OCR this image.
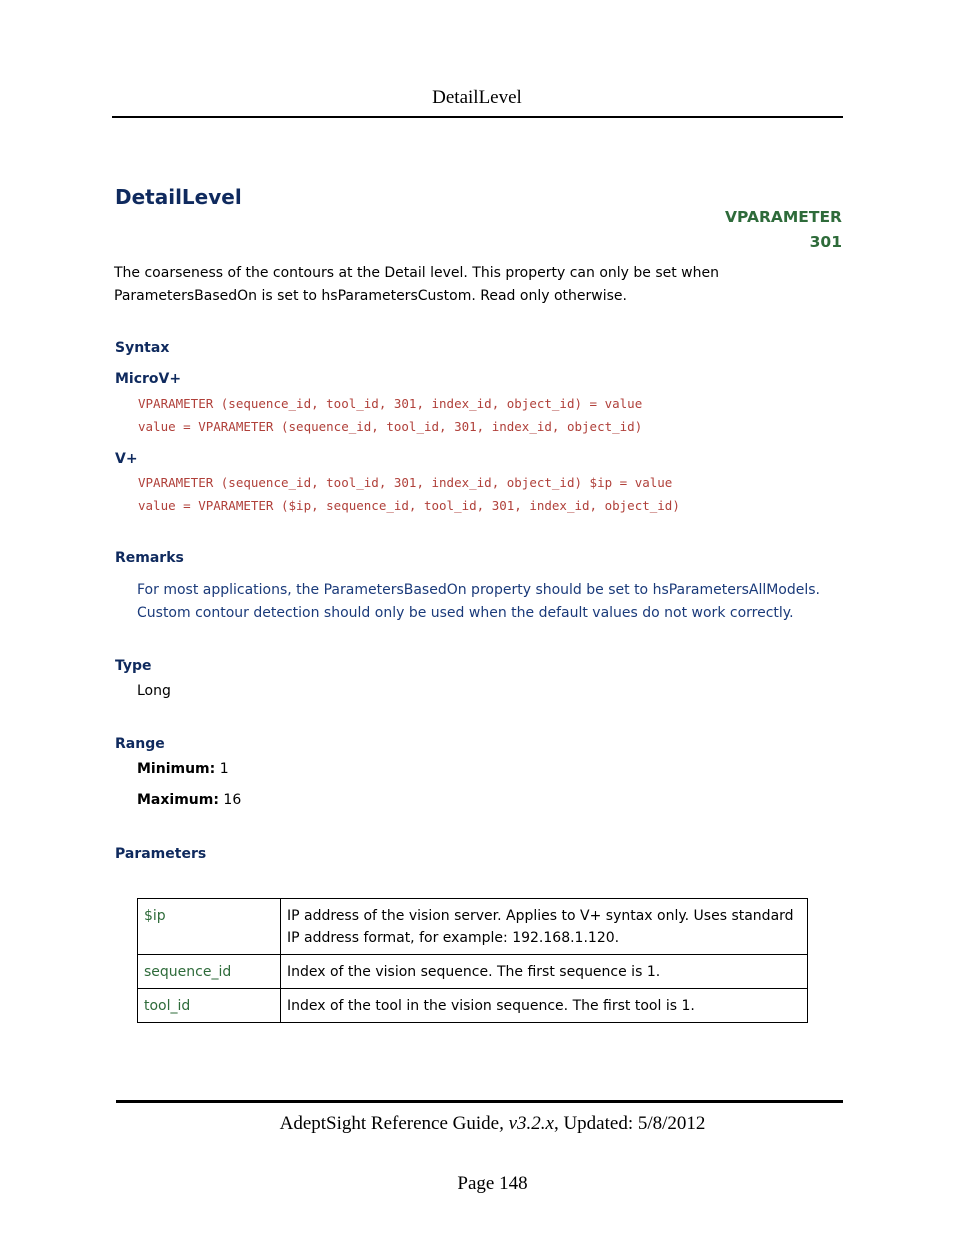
DetailLevel
DetailLevel
VPARAMETER
301
The coarseness of the contours at the Detail level. This property can only be set when ParametersBasedOn is set to hsParametersCustom. Read only otherwise.
Syntax
MicroV+
VPARAMETER (sequence_id, tool_id, 301, index_id, object_id) = value
value = VPARAMETER (sequence_id, tool_id, 301, index_id, object_id)
V+
VPARAMETER (sequence_id, tool_id, 301, index_id, object_id) $ip = value
value = VPARAMETER ($ip, sequence_id, tool_id, 301, index_id, object_id)
Remarks
For most applications, the ParametersBasedOn property should be set to hsParametersAllModels. Custom contour detection should only be used when the default values do not work correctly.
Type
Long
Range
Minimum: 1
Maximum: 16
Parameters
$ip	IP address of the vision server. Applies to V+ syntax only. Uses standard IP address format, for example: 192.168.1.120.
sequence_id	Index of the vision sequence. The first sequence is 1.
tool_id	Index of the tool in the vision sequence. The first tool is 1.
AdeptSight Reference Guide, v3.2.x, Updated: 5/8/2012
Page 148
